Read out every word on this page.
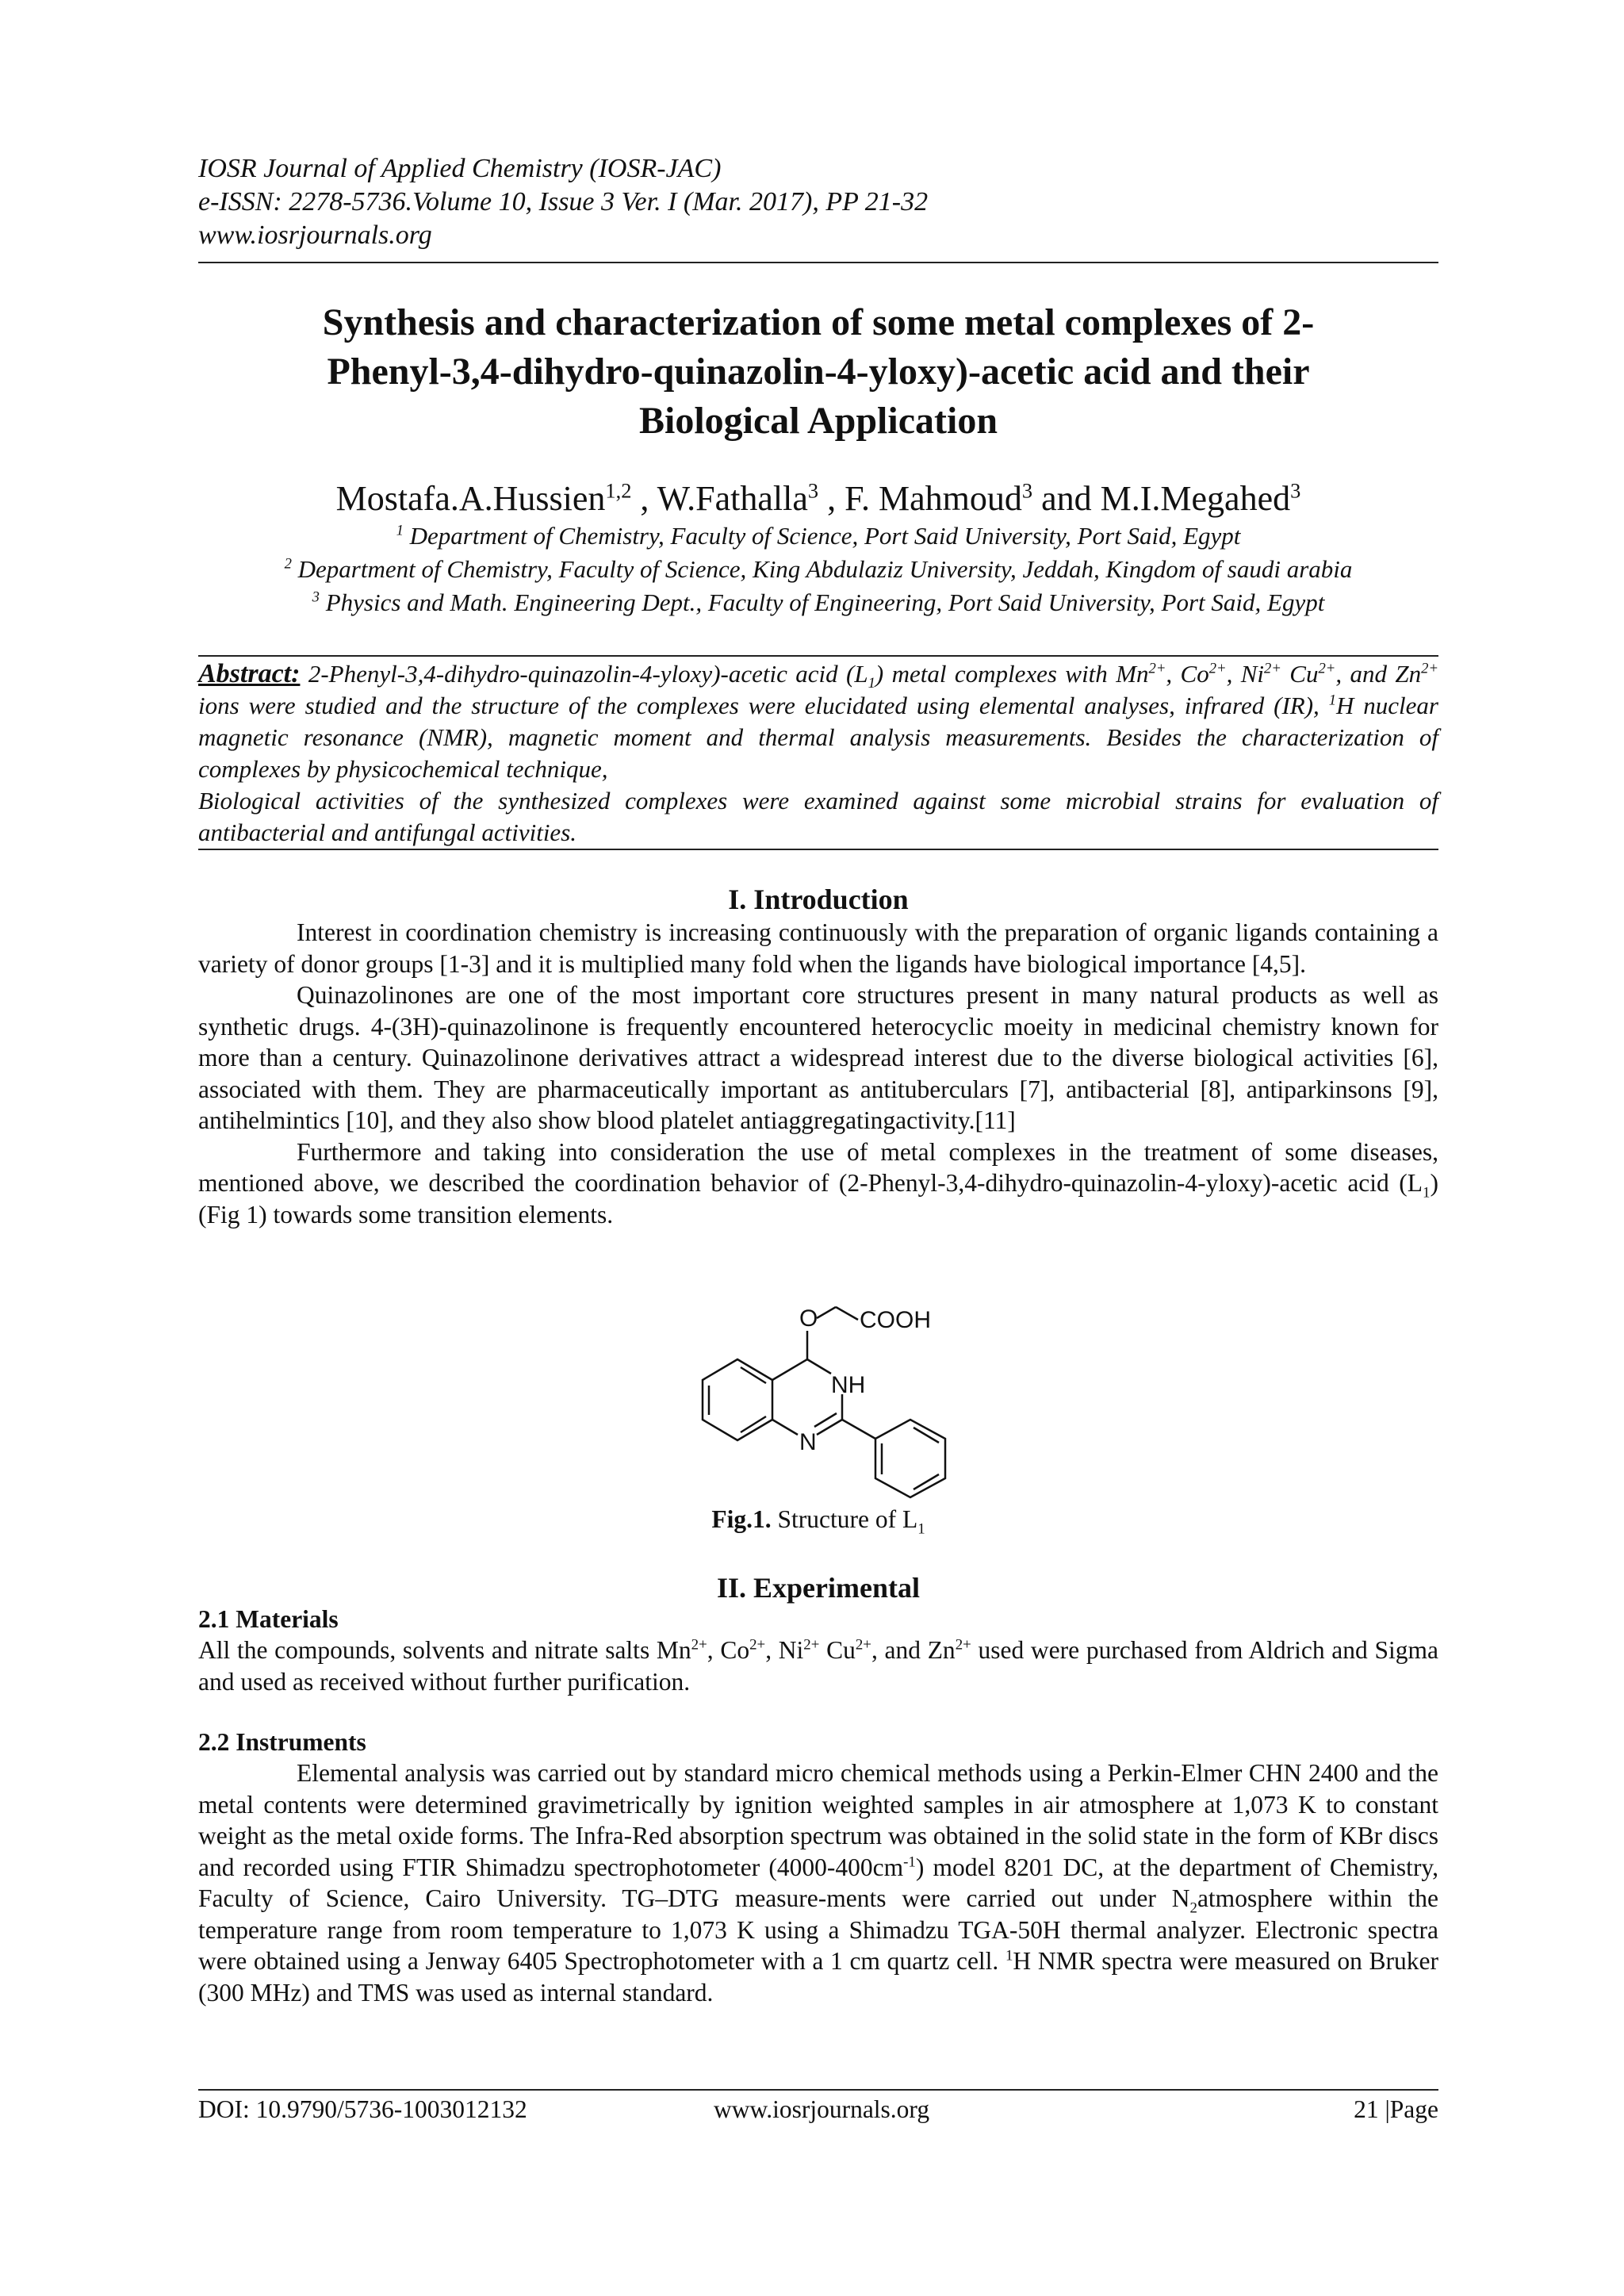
IOSR Journal of Applied Chemistry (IOSR-JAC)
e-ISSN: 2278-5736.Volume 10, Issue 3 Ver. I (Mar. 2017), PP 21-32
www.iosrjournals.org
Synthesis and characterization of some metal complexes of 2-
Phenyl-3,4-dihydro-quinazolin-4-yloxy)-acetic acid and their
Biological Application
Mostafa.A.Hussien$^{1,2}$ , W.Fathalla$^3$ , F. Mahmoud$^3$ and M.I.Megahed$^3$
$^1$ Department of Chemistry, Faculty of Science, Port Said University, Port Said, Egypt
$^2$ Department of Chemistry, Faculty of Science, King Abdulaziz University, Jeddah, Kingdom of saudi arabia
$^3$ Physics and Math. Engineering Dept., Faculty of Engineering, Port Said University, Port Said, Egypt
Abstract: 2-Phenyl-3,4-dihydro-quinazolin-4-yloxy)-acetic acid $(L_1)$ metal complexes with $Mn^{2+}$, $Co^{2+}$, $Ni^{2+}$ $Cu^{2+}$, and $Zn^{2+}$ ions were studied and the structure of the complexes were elucidated using elemental analyses, infrared (IR), $^1$H nuclear magnetic resonance (NMR), magnetic moment and thermal analysis measurements. Besides the characterization of complexes by physicochemical technique,
Biological activities of the synthesized complexes were examined against some microbial strains for evaluation of antibacterial and antifungal activities.
I. Introduction

Interest in coordination chemistry is increasing continuously with the preparation of organic ligands containing a variety of donor groups [1-3] and it is multiplied many fold when the ligands have biological importance [4,5].

Quinazolinones are one of the most important core structures present in many natural products as well as synthetic drugs. 4-(3H)-quinazolinone is frequently encountered heterocyclic moeity in medicinal chemistry known for more than a century. Quinazolinone derivatives attract a widespread interest due to the diverse biological activities [6], associated with them. They are pharmaceutically important as antituberculars [7], antibacterial [8], antiparkinsons [9], antihelmintics [10], and they also show blood platelet antiaggregatingactivity.[11]

Furthermore and taking into consideration the use of metal complexes in the treatment of some diseases, mentioned above, we described the coordination behavior of (2-Phenyl-3,4-dihydro-quinazolin-4-yloxy)-acetic acid $(L_1)$ (Fig 1) towards some transition elements.

O COOH
NH
N
Fig.1. Structure of $L_1$
II. Experimental
2.1 Materials

All the compounds, solvents and nitrate salts $Mn^{2+}$, $Co^{2+}$, $Ni^{2+}$ $Cu^{2+}$, and $Zn^{2+}$ used were purchased from Aldrich and Sigma and used as received without further purification.

2.2 Instruments

Elemental analysis was carried out by standard micro chemical methods using a Perkin-Elmer CHN 2400 and the metal contents were determined gravimetrically by ignition weighted samples in air atmosphere at 1,073 K to constant weight as the metal oxide forms. The Infra-Red absorption spectrum was obtained in the solid state in the form of KBr discs and recorded using FTIR Shimadzu spectrophotometer $(4000-400cm^{-1})$ model 8201 DC, at the department of Chemistry, Faculty of Science, Cairo University. TG–DTG measure-ments were carried out under $N_2atmosphere$ within the temperature range from room temperature to 1,073 K using a Shimadzu TGA-50H thermal analyzer. Electronic spectra were obtained using a Jenway 6405 Spectrophotometer with a 1 cm quartz cell. $^1$H NMR spectra were measured on Bruker (300 MHz) and TMS was used as internal standard.

DOI: 10.9790/5736-1003012132	www.iosrjournals.org	21 |Page
